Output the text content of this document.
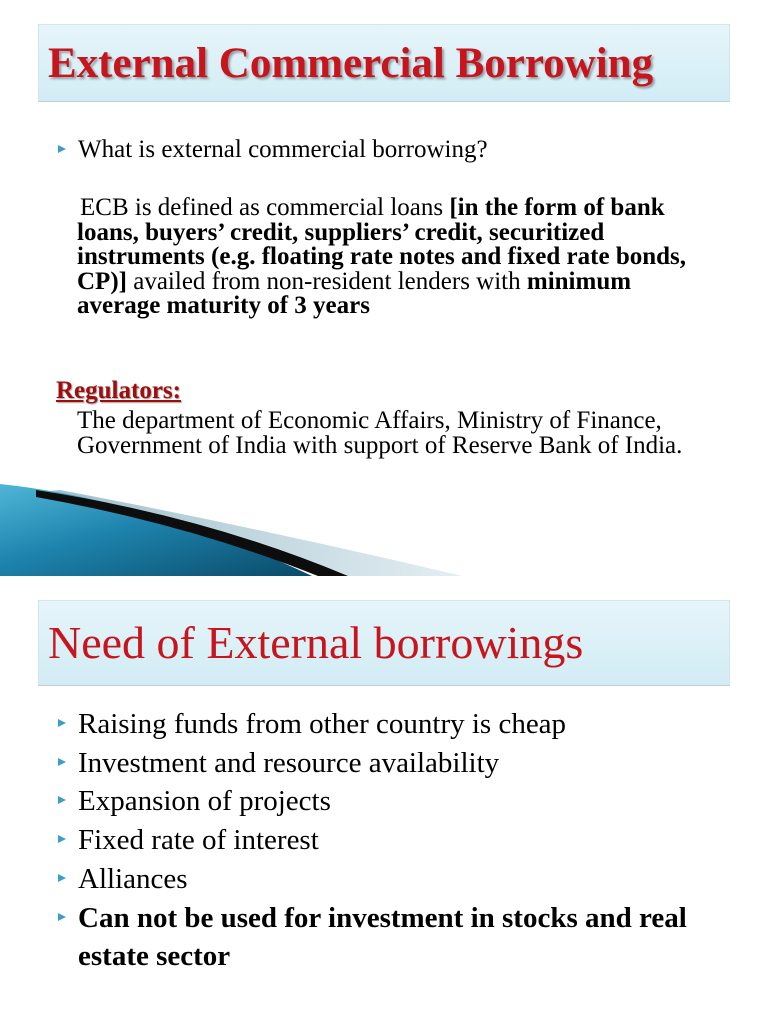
External Commercial Borrowing
What is external commercial borrowing?
ECB is defined as commercial loans [in the form of bank
loans, buyers’ credit, suppliers’ credit, securitized
instruments (e.g. floating rate notes and fixed rate bonds,
CP)] availed from non-resident lenders with minimum
average maturity of 3 years
Regulators:
The department of Economic Affairs, Ministry of Finance,
Government of India with support of Reserve Bank of India.
Need of External borrowings
Raising funds from other country is cheap
Investment and resource availability
Expansion of projects
Fixed rate of interest
Alliances
Can not be used for investment in stocks and real estate sector
